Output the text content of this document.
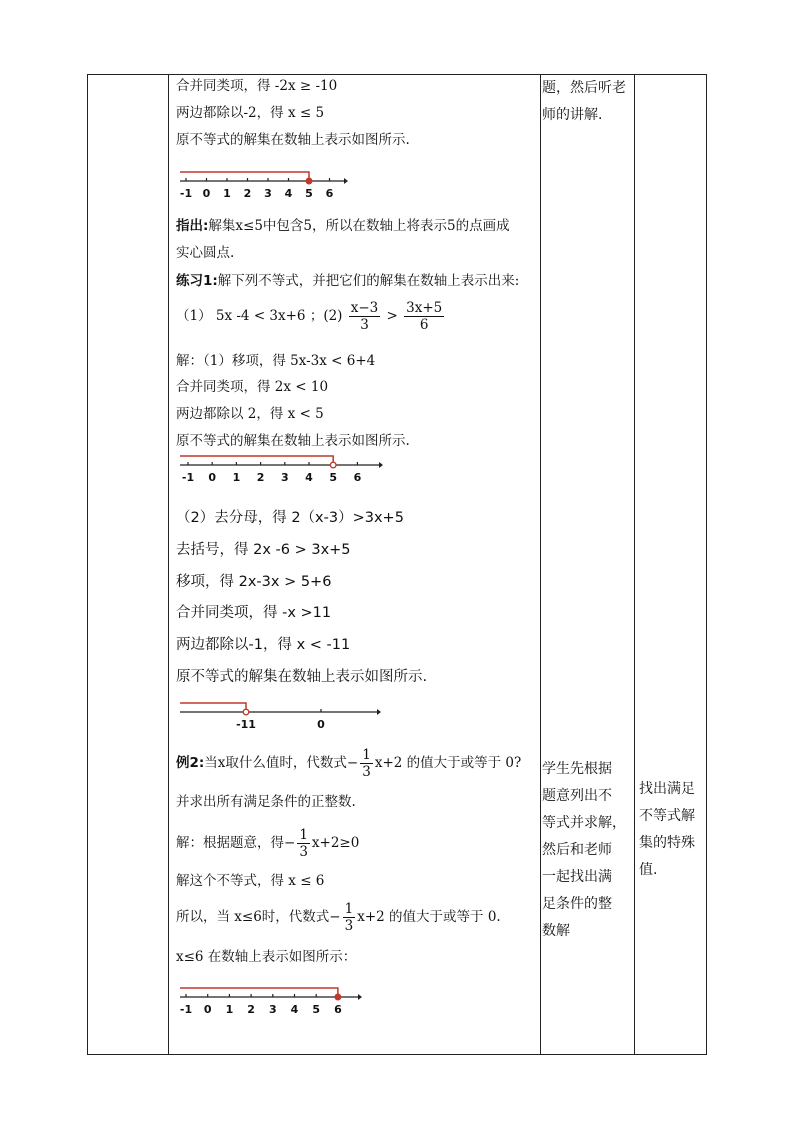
合并同类项，得 -2x ≥ -10
两边都除以-2，得 x ≤ 5
原不等式的解集在数轴上表示如图所示.
-1 0 1 2 3 4 5 6
指出:解集x≤5中包含5，所以在数轴上将表示5的点画成
实心圆点.
练习1:解下列不等式，并把它们的解集在数轴上表示出来:
（1） 5x -4 < 3x+6 ；$(2) \frac{x-3}{3} > \frac{3x+5}{6}$
解：（1）移项，得 5x-3x < 6+4
合并同类项，得 2x < 10
两边都除以 2，得 x < 5
原不等式的解集在数轴上表示如图所示.
-1 0 1 2 3 4 5 6
（2）去分母，得 2（x-3）>3x+5
去括号，得 2x -6 > 3x+5
移项，得 2x-3x > 5+6
合并同类项，得 -x >11
两边都除以-1，得 x < -11
原不等式的解集在数轴上表示如图所示.
-11	0
例2:当x取什么值时，代数式− $\frac{1}{3} x+2$ 的值大于或等于 0?
并求出所有满足条件的正整数.
解：根据题意，得− $\frac{1}{3} x+2\ge 0$
解这个不等式，得 x ≤ 6
所以，当 x≤6时，代数式− $\frac{1}{3} x+2$ 的值大于或等于 0.
x≤6 在数轴上表示如图所示：
-1 0 1 2 3 4 5 6
题，然后听老
师的讲解.
学生先根据
题意列出不
等式并求解，
然后和老师
一起找出满
足条件的整
数解
找出满足
不等式解
集的特殊
值.
